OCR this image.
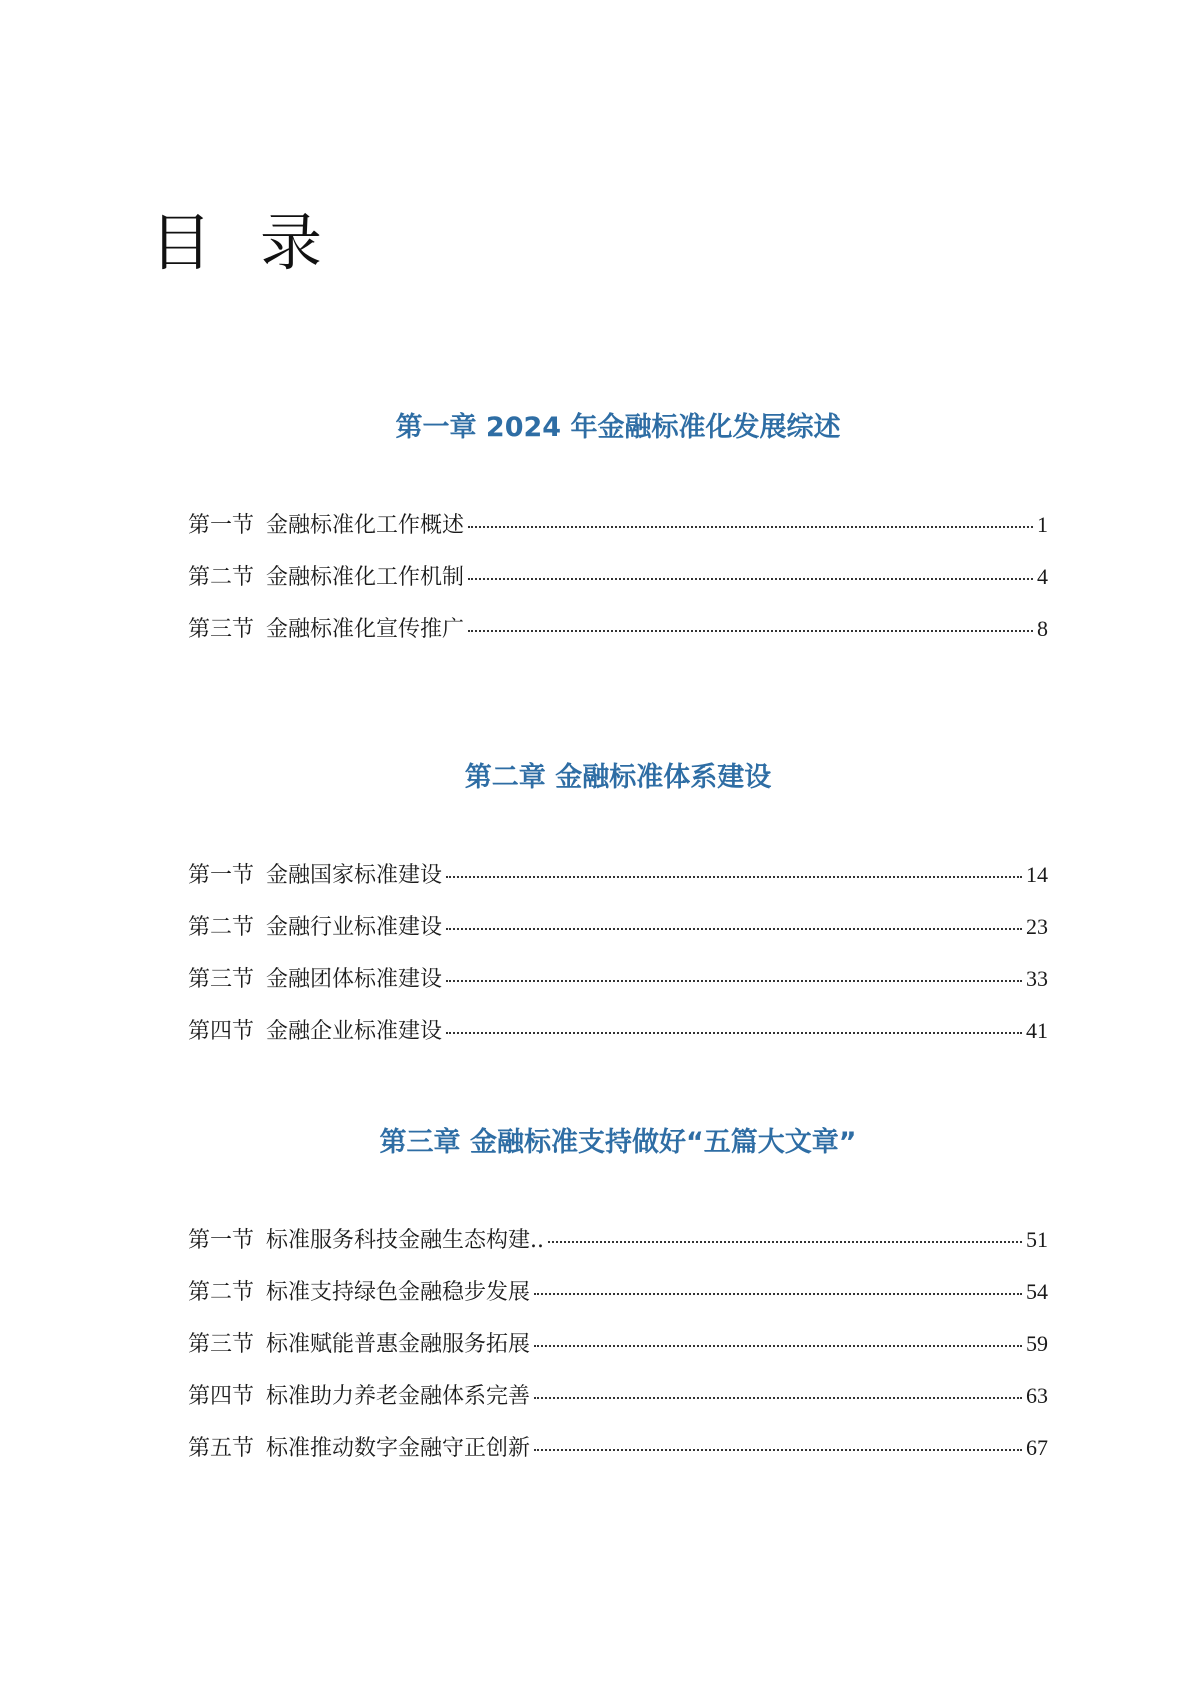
目录
第一章 2024 年金融标准化发展综述
第一节 金融标准化工作概述	1
第二节 金融标准化工作机制	4
第三节 金融标准化宣传推广	8
第二章 金融标准体系建设
第一节 金融国家标准建设	14
第二节 金融行业标准建设	23
第三节 金融团体标准建设	33
第四节 金融企业标准建设	41
第三章 金融标准支持做好“五篇大文章”
第一节 标准服务科技金融生态构建..	51
第二节 标准支持绿色金融稳步发展	54
第三节 标准赋能普惠金融服务拓展	59
第四节 标准助力养老金融体系完善	63
第五节 标准推动数字金融守正创新	67
